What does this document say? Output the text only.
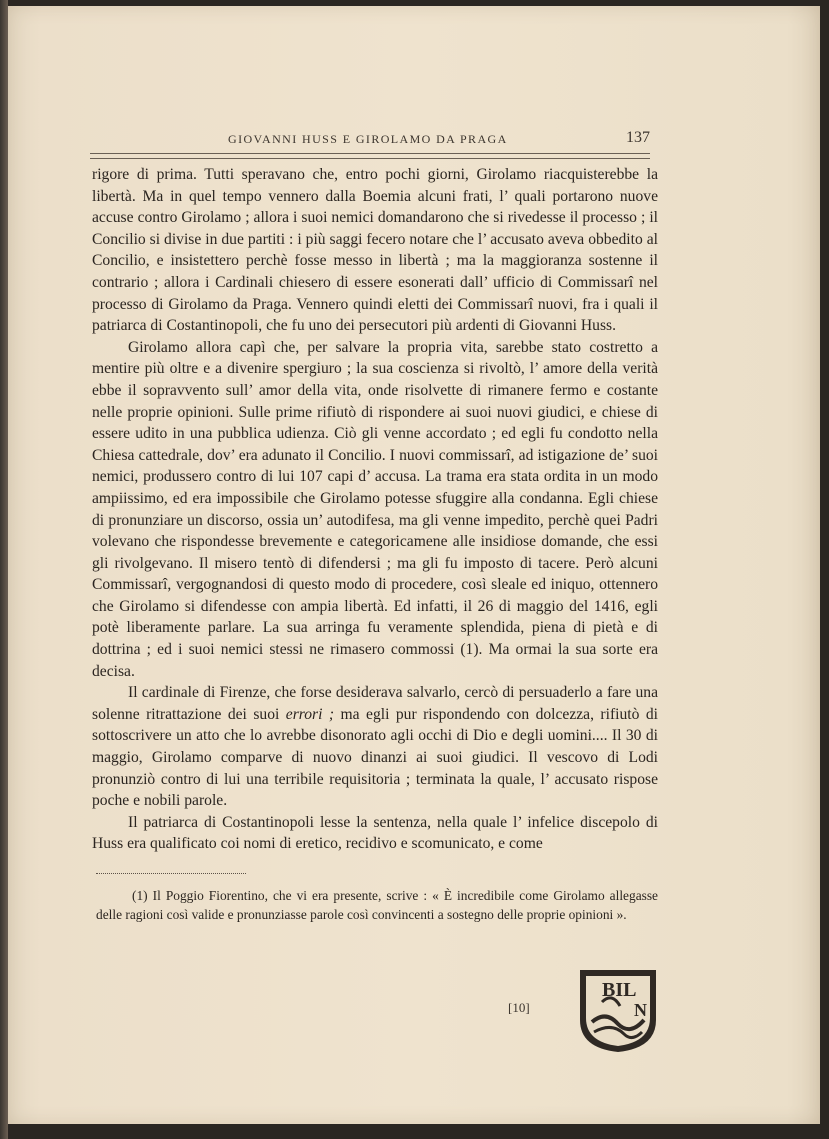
GIOVANNI HUSS E GIROLAMO DA PRAGA	137

rigore di prima. Tutti speravano che, entro pochi giorni, Girolamo riacquisterebbe la libertà. Ma in quel tempo vennero dalla Boemia alcuni frati, l’ quali portarono nuove accuse contro Girolamo ; allora i suoi nemici domandarono che si rivedesse il processo ; il Concilio si divise in due partiti : i più saggi fecero notare che l’ accusato aveva obbedito al Concilio, e insistettero perchè fosse messo in libertà ; ma la maggioranza sostenne il contrario ; allora i Cardinali chiesero di essere esonerati dall’ ufficio di Commissarî nel processo di Girolamo da Praga. Vennero quindi eletti dei Commissarî nuovi, fra i quali il patriarca di Costantinopoli, che fu uno dei persecutori più ardenti di Giovanni Huss.

Girolamo allora capì che, per salvare la propria vita, sarebbe stato costretto a mentire più oltre e a divenire spergiuro ; la sua coscienza si rivoltò, l’ amore della verità ebbe il sopravvento sull’ amor della vita, onde risolvette di rimanere fermo e costante nelle proprie opinioni. Sulle prime rifiutò di rispondere ai suoi nuovi giudici, e chiese di essere udito in una pubblica udienza. Ciò gli venne accordato ; ed egli fu condotto nella Chiesa cattedrale, dov’ era adunato il Concilio. I nuovi commissarî, ad istigazione de’ suoi nemici, produssero contro di lui 107 capi d’ accusa. La trama era stata ordita in un modo ampiissimo, ed era impossibile che Girolamo potesse sfuggire alla condanna. Egli chiese di pronunziare un discorso, ossia un’ autodifesa, ma gli venne impedito, perchè quei Padri volevano che rispondesse brevemente e categoricamene alle insidiose domande, che essi gli rivolgevano. Il misero tentò di difendersi ; ma gli fu imposto di tacere. Però alcuni Commissarî, vergognandosi di questo modo di procedere, così sleale ed iniquo, ottennero che Girolamo si difendesse con ampia libertà. Ed infatti, il 26 di maggio del 1416, egli potè liberamente parlare. La sua arringa fu veramente splendida, piena di pietà e di dottrina ; ed i suoi nemici stessi ne rimasero commossi (1). Ma ormai la sua sorte era decisa.

Il cardinale di Firenze, che forse desiderava salvarlo, cercò di persuaderlo a fare una solenne ritrattazione dei suoi errori ; ma egli pur rispondendo con dolcezza, rifiutò di sottoscrivere un atto che lo avrebbe disonorato agli occhi di Dio e degli uomini.... Il 30 di maggio, Girolamo comparve di nuovo dinanzi ai suoi giudici. Il vescovo di Lodi pronunziò contro di lui una terribile requisitoria ; terminata la quale, l’ accusato rispose poche e nobili parole.

Il patriarca di Costantinopoli lesse la sentenza, nella quale l’ infelice discepolo di Huss era qualificato coi nomi di eretico, recidivo e scomunicato, e come

(1) Il Poggio Fiorentino, che vi era presente, scrive : « È incredibile come Girolamo allegasse delle ragioni così valide e pronunziasse parole così convincenti a sostegno delle proprie opinioni ».
[10]
BIL
N
